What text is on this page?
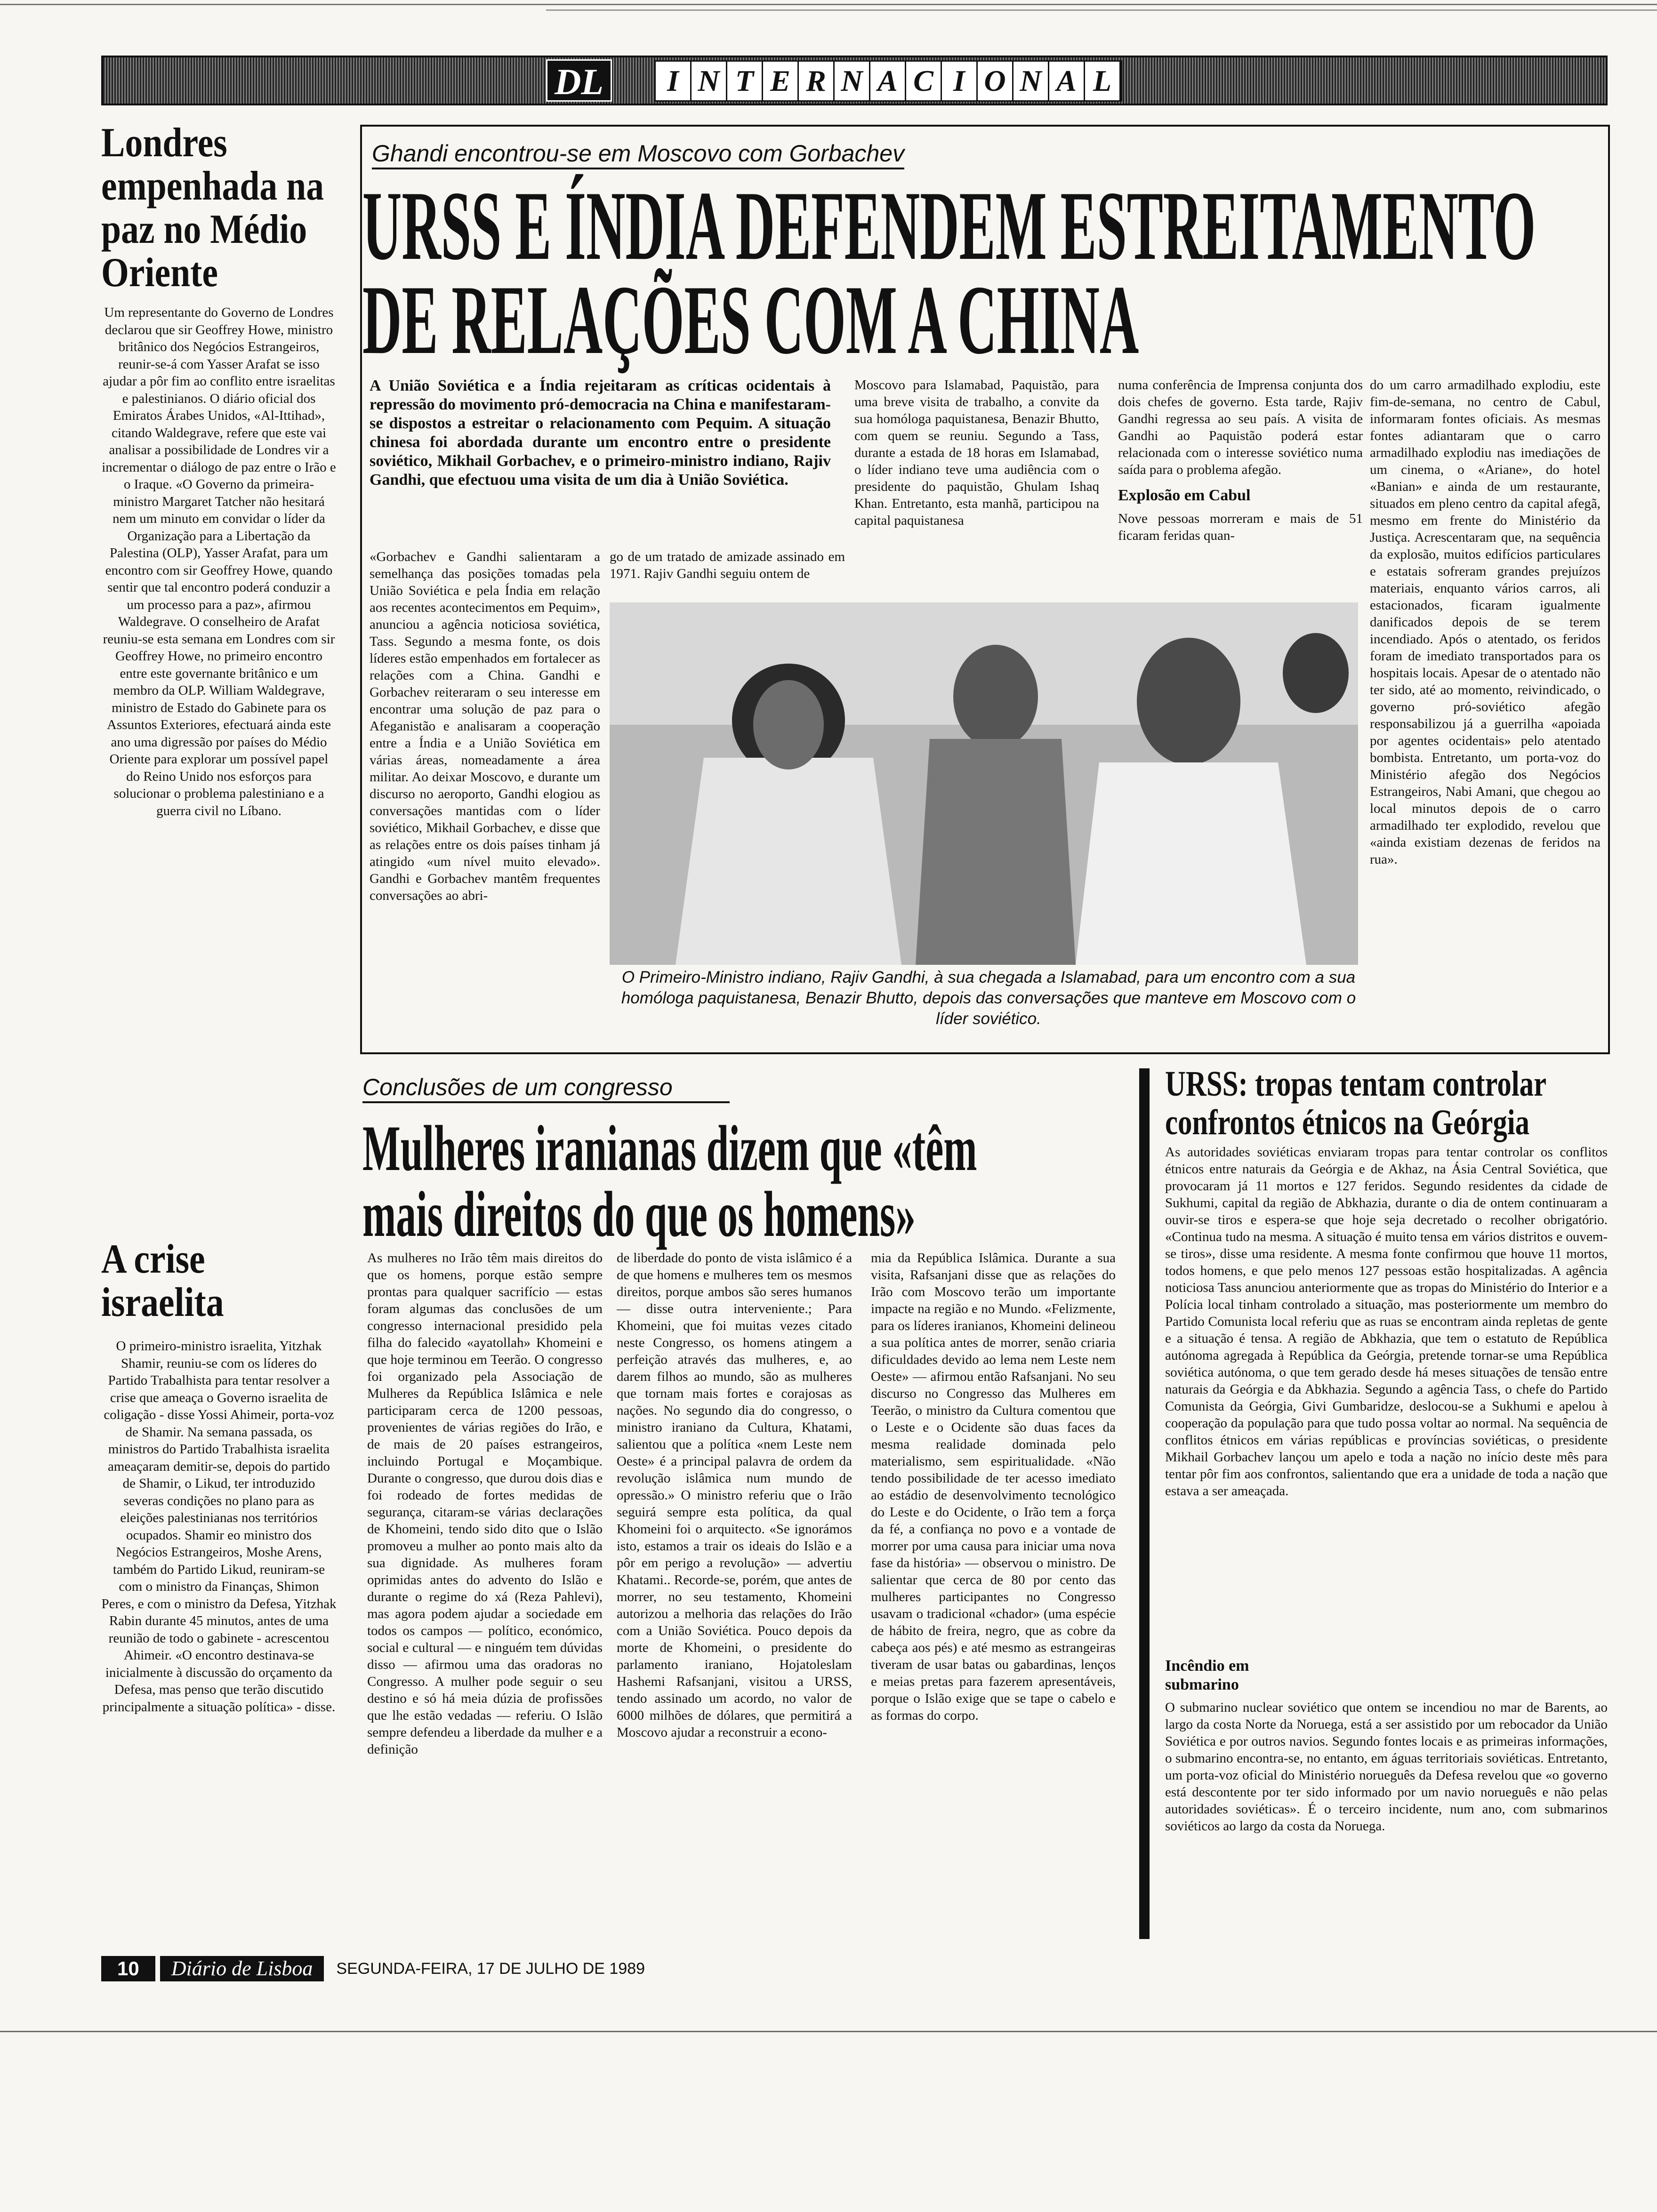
DL	I N T E R N A C I O N A L
Londres empenhada na paz no Médio Oriente
Um representante do Governo de Londres declarou que sir Geoffrey Howe, ministro britânico dos Negócios Estrangeiros, reunir-se-á com Yasser Arafat se isso ajudar a pôr fim ao conflito entre israelitas e palestinianos. O diário oficial dos Emiratos Árabes Unidos, «Al-Ittihad», citando Waldegrave, refere que este vai analisar a possibilidade de Londres vir a incrementar o diálogo de paz entre o Irão e o Iraque. «O Governo da primeira-ministro Margaret Tatcher não hesitará nem um minuto em convidar o líder da Organização para a Libertação da Palestina (OLP), Yasser Arafat, para um encontro com sir Geoffrey Howe, quando sentir que tal encontro poderá conduzir a um processo para a paz», afirmou Waldegrave. O conselheiro de Arafat reuniu-se esta semana em Londres com sir Geoffrey Howe, no primeiro encontro entre este governante britânico e um membro da OLP. William Waldegrave, ministro de Estado do Gabinete para os Assuntos Exteriores, efectuará ainda este ano uma digressão por países do Médio Oriente para explorar um possível papel do Reino Unido nos esforços para solucionar o problema palestiniano e a guerra civil no Líbano.
A crise israelita
O primeiro-ministro israelita, Yitzhak Shamir, reuniu-se com os líderes do Partido Trabalhista para tentar resolver a crise que ameaça o Governo israelita de coligação - disse Yossi Ahimeir, porta-voz de Shamir. Na semana passada, os ministros do Partido Trabalhista israelita ameaçaram demitir-se, depois do partido de Shamir, o Likud, ter introduzido severas condições no plano para as eleições palestinianas nos territórios ocupados. Shamir eo ministro dos Negócios Estrangeiros, Moshe Arens, também do Partido Likud, reuniram-se com o ministro da Finanças, Shimon Peres, e com o ministro da Defesa, Yitzhak Rabin durante 45 minutos, antes de uma reunião de todo o gabinete - acrescentou Ahimeir. «O encontro destinava-se inicialmente à discussão do orçamento da Defesa, mas penso que terão discutido principalmente a situação política» - disse.
Ghandi encontrou-se em Moscovo com Gorbachev
URSS E ÍNDIA DEFENDEM ESTREITAMENTO
DE RELAÇÕES COM A CHINA
A União Soviética e a Índia rejeitaram as críticas ocidentais à repressão do movimento pró-democracia na China e manifestaram-se dispostos a estreitar o relacionamento com Pequim. A situação chinesa foi abordada durante um encontro entre o presidente soviético, Mikhail Gorbachev, e o primeiro-ministro indiano, Rajiv Gandhi, que efectuou uma visita de um dia à União Soviética.
«Gorbachev e Gandhi salientaram a semelhança das posições tomadas pela União Soviética e pela Índia em relação aos recentes acontecimentos em Pequim», anunciou a agência noticiosa soviética, Tass. Segundo a mesma fonte, os dois líderes estão empenhados em fortalecer as relações com a China. Gandhi e Gorbachev reiteraram o seu interesse em encontrar uma solução de paz para o Afeganistão e analisaram a cooperação entre a Índia e a União Soviética em várias áreas, nomeadamente a área militar. Ao deixar Moscovo, e durante um discurso no aeroporto, Gandhi elogiou as conversações mantidas com o líder soviético, Mikhail Gorbachev, e disse que as relações entre os dois países tinham já atingido «um nível muito elevado». Gandhi e Gorbachev mantêm frequentes conversações ao abri-
go de um tratado de amizade assinado em 1971. Rajiv Gandhi seguiu ontem de
Moscovo para Islamabad, Paquistão, para uma breve visita de trabalho, a convite da sua homóloga paquistanesa, Benazir Bhutto, com quem se reuniu. Segundo a Tass, durante a estada de 18 horas em Islamabad, o líder indiano teve uma audiência com o presidente do paquistão, Ghulam Ishaq Khan. Entretanto, esta manhã, participou na capital paquistanesa
numa conferência de Imprensa conjunta dos dois chefes de governo. Esta tarde, Rajiv Gandhi regressa ao seu país. A visita de Gandhi ao Paquistão poderá estar relacionada com o interesse soviético numa saída para o problema afegão.
Explosão em Cabul
Nove pessoas morreram e mais de 51 ficaram feridas quan-
do um carro armadilhado explodiu, este fim-de-semana, no centro de Cabul, informaram fontes oficiais. As mesmas fontes adiantaram que o carro armadilhado explodiu nas imediações de um cinema, o «Ariane», do hotel «Banian» e ainda de um restaurante, situados em pleno centro da capital afegã, mesmo em frente do Ministério da Justiça. Acrescentaram que, na sequência da explosão, muitos edifícios particulares e estatais sofreram grandes prejuízos materiais, enquanto vários carros, ali estacionados, ficaram igualmente danificados depois de se terem incendiado. Após o atentado, os feridos foram de imediato transportados para os hospitais locais. Apesar de o atentado não ter sido, até ao momento, reivindicado, o governo pró-soviético afegão responsabilizou já a guerrilha «apoiada por agentes ocidentais» pelo atentado bombista. Entretanto, um porta-voz do Ministério afegão dos Negócios Estrangeiros, Nabi Amani, que chegou ao local minutos depois de o carro armadilhado ter explodido, revelou que «ainda existiam dezenas de feridos na rua».
O Primeiro-Ministro indiano, Rajiv Gandhi, à sua chegada a Islamabad, para um encontro com a sua homóloga paquistanesa, Benazir Bhutto, depois das conversações que manteve em Moscovo com o líder soviético.
Conclusões de um congresso
Mulheres iranianas dizem que «têm
mais direitos do que os homens»
As mulheres no Irão têm mais direitos do que os homens, porque estão sempre prontas para qualquer sacrifício — estas foram algumas das conclusões de um congresso internacional presidido pela filha do falecido «ayatollah» Khomeini e que hoje terminou em Teerão. O congresso foi organizado pela Associação de Mulheres da República Islâmica e nele participaram cerca de 1200 pessoas, provenientes de várias regiões do Irão, e de mais de 20 países estrangeiros, incluindo Portugal e Moçambique. Durante o congresso, que durou dois dias e foi rodeado de fortes medidas de segurança, citaram-se várias declarações de Khomeini, tendo sido dito que o Islão promoveu a mulher ao ponto mais alto da sua dignidade. As mulheres foram oprimidas antes do advento do Islão e durante o regime do xá (Reza Pahlevi), mas agora podem ajudar a sociedade em todos os campos — político, económico, social e cultural — e ninguém tem dúvidas disso — afirmou uma das oradoras no Congresso. A mulher pode seguir o seu destino e só há meia dúzia de profissões que lhe estão vedadas — referiu. O Islão sempre defendeu a liberdade da mulher e a definição
de liberdade do ponto de vista islâmico é a de que homens e mulheres tem os mesmos direitos, porque ambos são seres humanos — disse outra interveniente.; Para Khomeini, que foi muitas vezes citado neste Congresso, os homens atingem a perfeição através das mulheres, e, ao darem filhos ao mundo, são as mulheres que tornam mais fortes e corajosas as nações. No segundo dia do congresso, o ministro iraniano da Cultura, Khatami, salientou que a política «nem Leste nem Oeste» é a principal palavra de ordem da revolução islâmica num mundo de opressão.» O ministro referiu que o Irão seguirá sempre esta política, da qual Khomeini foi o arquitecto. «Se ignorámos isto, estamos a trair os ideais do Islão e a pôr em perigo a revolução» — advertiu Khatami.. Recorde-se, porém, que antes de morrer, no seu testamento, Khomeini autorizou a melhoria das relações do Irão com a União Soviética. Pouco depois da morte de Khomeini, o presidente do parlamento iraniano, Hojatoleslam Hashemi Rafsanjani, visitou a URSS, tendo assinado um acordo, no valor de 6000 milhões de dólares, que permitirá a Moscovo ajudar a reconstruir a econo-
mia da República Islâmica. Durante a sua visita, Rafsanjani disse que as relações do Irão com Moscovo terão um importante impacte na região e no Mundo. «Felizmente, para os líderes iranianos, Khomeini delineou a sua política antes de morrer, senão criaria dificuldades devido ao lema nem Leste nem Oeste» — afirmou então Rafsanjani. No seu discurso no Congresso das Mulheres em Teerão, o ministro da Cultura comentou que o Leste e o Ocidente são duas faces da mesma realidade dominada pelo materialismo, sem espiritualidade. «Não tendo possibilidade de ter acesso imediato ao estádio de desenvolvimento tecnológico do Leste e do Ocidente, o Irão tem a força da fé, a confiança no povo e a vontade de morrer por uma causa para iniciar uma nova fase da história» — observou o ministro. De salientar que cerca de 80 por cento das mulheres participantes no Congresso usavam o tradicional «chador» (uma espécie de hábito de freira, negro, que as cobre da cabeça aos pés) e até mesmo as estrangeiras tiveram de usar batas ou gabardinas, lenços e meias pretas para fazerem apresentáveis, porque o Islão exige que se tape o cabelo e as formas do corpo.
URSS: tropas tentam controlar confrontos étnicos na Geórgia
As autoridades soviéticas enviaram tropas para tentar controlar os conflitos étnicos entre naturais da Geórgia e de Akhaz, na Ásia Central Soviética, que provocaram já 11 mortos e 127 feridos. Segundo residentes da cidade de Sukhumi, capital da região de Abkhazia, durante o dia de ontem continuaram a ouvir-se tiros e espera-se que hoje seja decretado o recolher obrigatório. «Continua tudo na mesma. A situação é muito tensa em vários distritos e ouvem-se tiros», disse uma residente. A mesma fonte confirmou que houve 11 mortos, todos homens, e que pelo menos 127 pessoas estão hospitalizadas. A agência noticiosa Tass anunciou anteriormente que as tropas do Ministério do Interior e a Polícia local tinham controlado a situação, mas posteriormente um membro do Partido Comunista local referiu que as ruas se encontram ainda repletas de gente e a situação é tensa. A região de Abkhazia, que tem o estatuto de República autónoma agregada à República da Geórgia, pretende tornar-se uma República soviética autónoma, o que tem gerado desde há meses situações de tensão entre naturais da Geórgia e da Abkhazia. Segundo a agência Tass, o chefe do Partido Comunista da Geórgia, Givi Gumbaridze, deslocou-se a Sukhumi e apelou à cooperação da população para que tudo possa voltar ao normal. Na sequência de conflitos étnicos em várias repúblicas e províncias soviéticas, o presidente Mikhail Gorbachev lançou um apelo e toda a nação no início deste mês para tentar pôr fim aos confrontos, salientando que era a unidade de toda a nação que estava a ser ameaçada.
Incêndio em submarino
O submarino nuclear soviético que ontem se incendiou no mar de Barents, ao largo da costa Norte da Noruega, está a ser assistido por um rebocador da União Soviética e por outros navios. Segundo fontes locais e as primeiras informações, o submarino encontra-se, no entanto, em águas territoriais soviéticas. Entretanto, um porta-voz oficial do Ministério norueguês da Defesa revelou que «o governo está descontente por ter sido informado por um navio norueguês e não pelas autoridades soviéticas». É o terceiro incidente, num ano, com submarinos soviéticos ao largo da costa da Noruega.
10	Diário de Lisboa	SEGUNDA-FEIRA, 17 DE JULHO DE 1989
